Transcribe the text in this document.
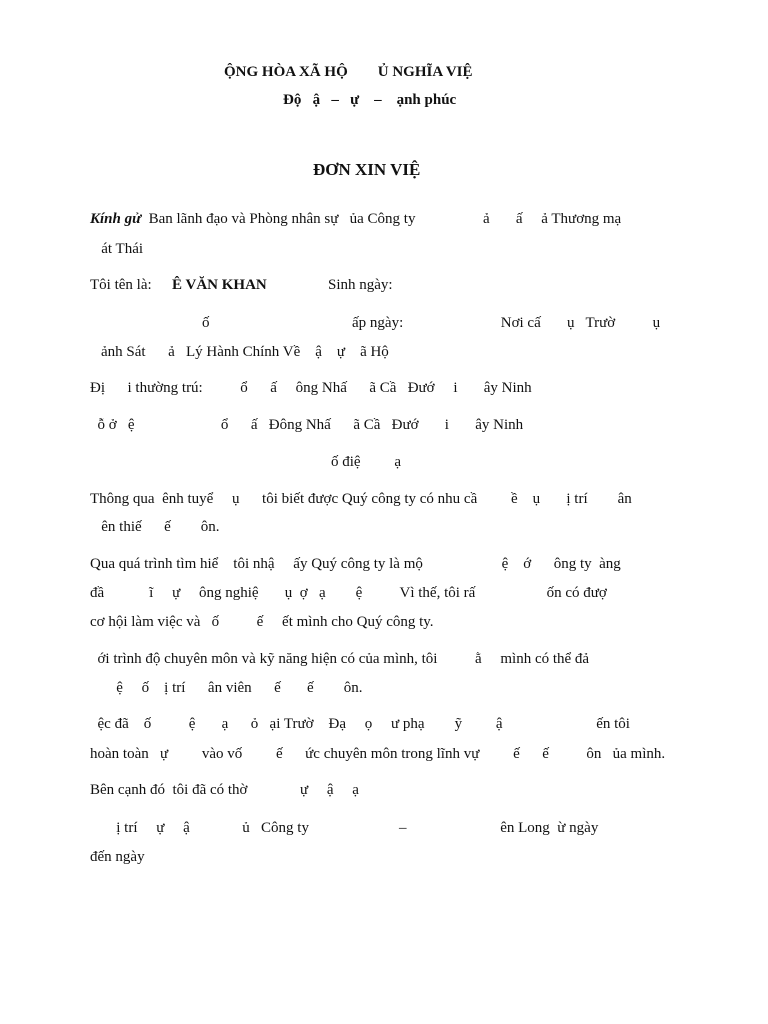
ỘNG HÒA XÃ HỘ        Ủ NGHĨA VIỆ
Độ   ậ   –   ự    –    ạnh phúc
ĐƠN XIN VIỆ
Kính gử  Ban lãnh đạo và Phòng nhân sự   ủa Công ty                  ả       ấ     ả Thương mạ
át Thái
Tôi tên là: Ê VĂN KHAN	Sinh ngày:
ố                                      ấp ngày:                          Nơi cấ       ụ   Trườ          ụ
ảnh Sát      ả   Lý Hành Chính Về    ậ    ự    ã Hộ
Đị      i thường trú:          ổ      ấ     ông Nhấ      ã Cầ   Đướ     i       ây Ninh
ỗ ở   ệ                       ổ      ấ   Đông Nhấ      ã Cầ   Đướ       i       ây Ninh
ố điệ         ạ
Thông qua  ênh tuyể     ụ      tôi biết được Quý công ty có nhu cầ         ề    ụ       ị trí        ân
ên thiế      ế        ôn.
Qua quá trình tìm hiể    tôi nhậ     ấy Quý công ty là mộ                     ệ    ớ      ông ty  àng
đầ            ĩ     ự     ông nghiệ       ụ  ợ   ạ        ệ          Vì thế, tôi rấ                   ốn có đượ
cơ hội làm việc và   ố          ế     ết mình cho Quý công ty.
ới trình độ chuyên môn và kỹ năng hiện có của mình, tôi          ằ     mình có thể đả
ệ     ố    ị trí      ân viên      ế       ế        ôn.
ệc đã    ố          ệ       ạ      ỏ   ại Trườ    Đạ     ọ     ư phạ        ỹ         ậ                         ến tôi
hoàn toàn   ự         vào vố         ế      ức chuyên môn trong lĩnh vự         ế      ế          ôn   ủa mình.
Bên cạnh đó  tôi đã có thờ              ự     ậ     ạ
ị trí     ự     ậ              ủ   Công ty                        –                         ên Long  ừ ngày
đến ngày
